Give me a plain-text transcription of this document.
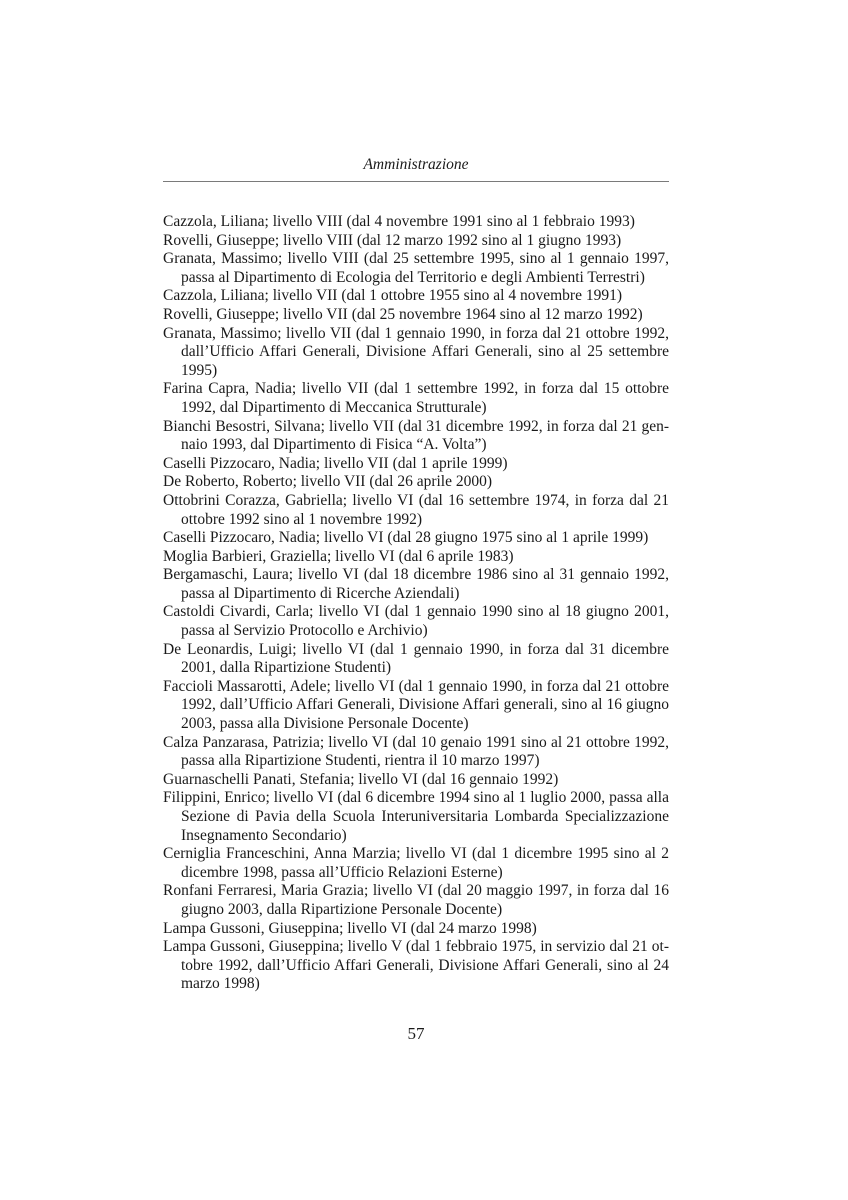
Amministrazione
Cazzola, Liliana; livello VIII (dal 4 novembre 1991 sino al 1 febbraio 1993)
Rovelli, Giuseppe; livello VIII (dal 12 marzo 1992 sino al 1 giugno 1993)
Granata, Massimo; livello VIII (dal 25 settembre 1995, sino al 1 gennaio 1997, passa al Dipartimento di Ecologia del Territorio e degli Ambienti Terrestri)
Cazzola, Liliana; livello VII (dal 1 ottobre 1955 sino al 4 novembre 1991)
Rovelli, Giuseppe; livello VII (dal 25 novembre 1964 sino al 12 marzo 1992)
Granata, Massimo; livello VII (dal 1 gennaio 1990, in forza dal 21 ottobre 1992, dall’Ufficio Affari Generali, Divisione Affari Generali, sino al 25 settembre 1995)
Farina Capra, Nadia; livello VII (dal 1 settembre 1992, in forza dal 15 ottobre 1992, dal Dipartimento di Meccanica Strutturale)
Bianchi Besostri, Silvana; livello VII (dal 31 dicembre 1992, in forza dal 21 gennaio 1993, dal Dipartimento di Fisica “A. Volta”)
Caselli Pizzocaro, Nadia; livello VII (dal 1 aprile 1999)
De Roberto, Roberto; livello VII (dal 26 aprile 2000)
Ottobrini Corazza, Gabriella; livello VI (dal 16 settembre 1974, in forza dal 21 ottobre 1992 sino al 1 novembre 1992)
Caselli Pizzocaro, Nadia; livello VI (dal 28 giugno 1975 sino al 1 aprile 1999)
Moglia Barbieri, Graziella; livello VI (dal 6 aprile 1983)
Bergamaschi, Laura; livello VI (dal 18 dicembre 1986 sino al 31 gennaio 1992, passa al Dipartimento di Ricerche Aziendali)
Castoldi Civardi, Carla; livello VI (dal 1 gennaio 1990 sino al 18 giugno 2001, passa al Servizio Protocollo e Archivio)
De Leonardis, Luigi; livello VI (dal 1 gennaio 1990, in forza dal 31 dicembre 2001, dalla Ripartizione Studenti)
Faccioli Massarotti, Adele; livello VI (dal 1 gennaio 1990, in forza dal 21 ottobre 1992, dall’Ufficio Affari Generali, Divisione Affari generali, sino al 16 giugno 2003, passa alla Divisione Personale Docente)
Calza Panzarasa, Patrizia; livello VI (dal 10 genaio 1991 sino al 21 ottobre 1992, passa alla Ripartizione Studenti, rientra il 10 marzo 1997)
Guarnaschelli Panati, Stefania; livello VI (dal 16 gennaio 1992)
Filippini, Enrico; livello VI (dal 6 dicembre 1994 sino al 1 luglio 2000, passa alla Sezione di Pavia della Scuola Interuniversitaria Lombarda Specializzazione Insegnamento Secondario)
Cerniglia Franceschini, Anna Marzia; livello VI (dal 1 dicembre 1995 sino al 2 dicembre 1998, passa all’Ufficio Relazioni Esterne)
Ronfani Ferraresi, Maria Grazia; livello VI (dal 20 maggio 1997, in forza dal 16 giugno 2003, dalla Ripartizione Personale Docente)
Lampa Gussoni, Giuseppina; livello VI (dal 24 marzo 1998)
Lampa Gussoni, Giuseppina; livello V (dal 1 febbraio 1975, in servizio dal 21 ottobre 1992, dall’Ufficio Affari Generali, Divisione Affari Generali, sino al 24 marzo 1998)
57
